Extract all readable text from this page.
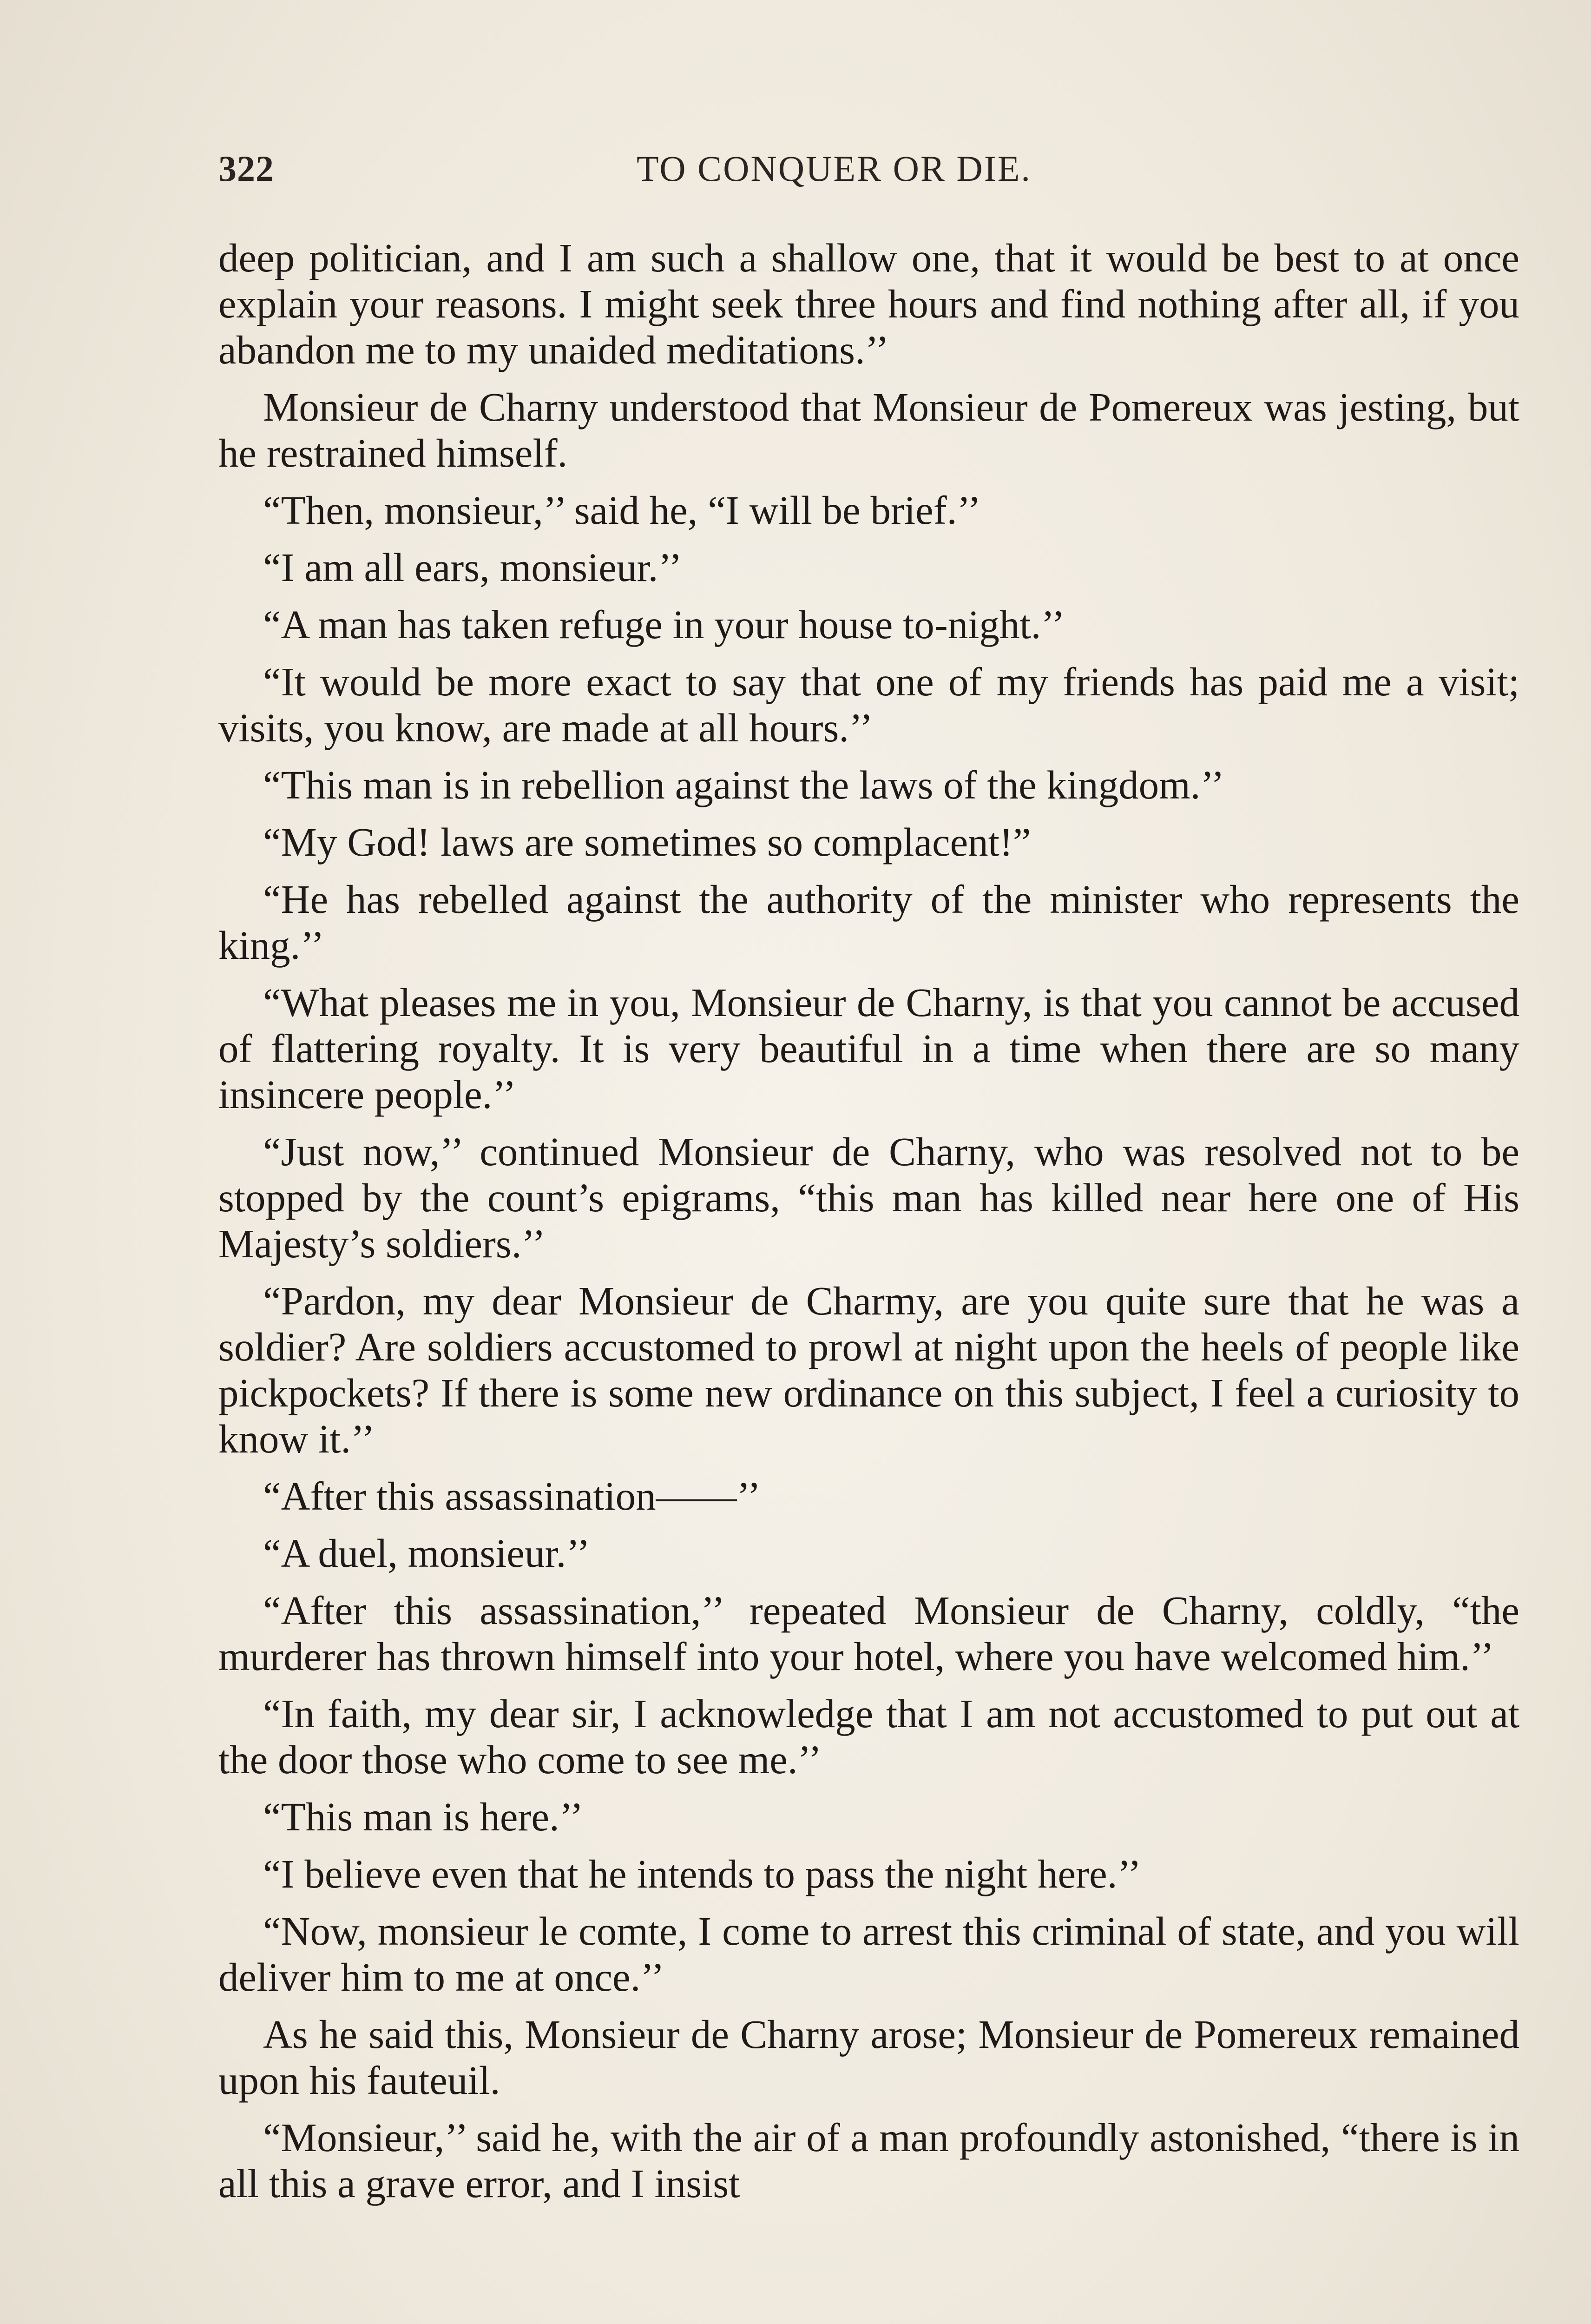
322	TO CONQUER OR DIE.

deep politician, and I am such a shallow one, that it would be best to at once explain your reasons. I might seek three hours and find nothing after all, if you abandon me to my unaided meditations.’’

Monsieur de Charny understood that Monsieur de Pomereux was jesting, but he restrained himself.

“Then, monsieur,’’ said he, “I will be brief.’’

“I am all ears, monsieur.’’

“A man has taken refuge in your house to-night.’’

“It would be more exact to say that one of my friends has paid me a visit; visits, you know, are made at all hours.’’

“This man is in rebellion against the laws of the kingdom.’’

“My God! laws are sometimes so complacent!”

“He has rebelled against the authority of the minister who represents the king.’’

“What pleases me in you, Monsieur de Charny, is that you cannot be accused of flattering royalty. It is very beautiful in a time when there are so many insincere people.’’

“Just now,’’ continued Monsieur de Charny, who was resolved not to be stopped by the count’s epigrams, “this man has killed near here one of His Majesty’s soldiers.’’

“Pardon, my dear Monsieur de Charmy, are you quite sure that he was a soldier? Are soldiers accustomed to prowl at night upon the heels of people like pickpockets? If there is some new ordinance on this subject, I feel a curiosity to know it.’’

“After this assassination——’’

“A duel, monsieur.’’

“After this assassination,’’ repeated Monsieur de Charny, coldly, “the murderer has thrown himself into your hotel, where you have welcomed him.’’

“In faith, my dear sir, I acknowledge that I am not accustomed to put out at the door those who come to see me.’’

“This man is here.’’

“I believe even that he intends to pass the night here.’’

“Now, monsieur le comte, I come to arrest this criminal of state, and you will deliver him to me at once.’’

As he said this, Monsieur de Charny arose; Monsieur de Pomereux remained upon his fauteuil.

“Monsieur,’’ said he, with the air of a man profoundly astonished, “there is in all this a grave error, and I insist
